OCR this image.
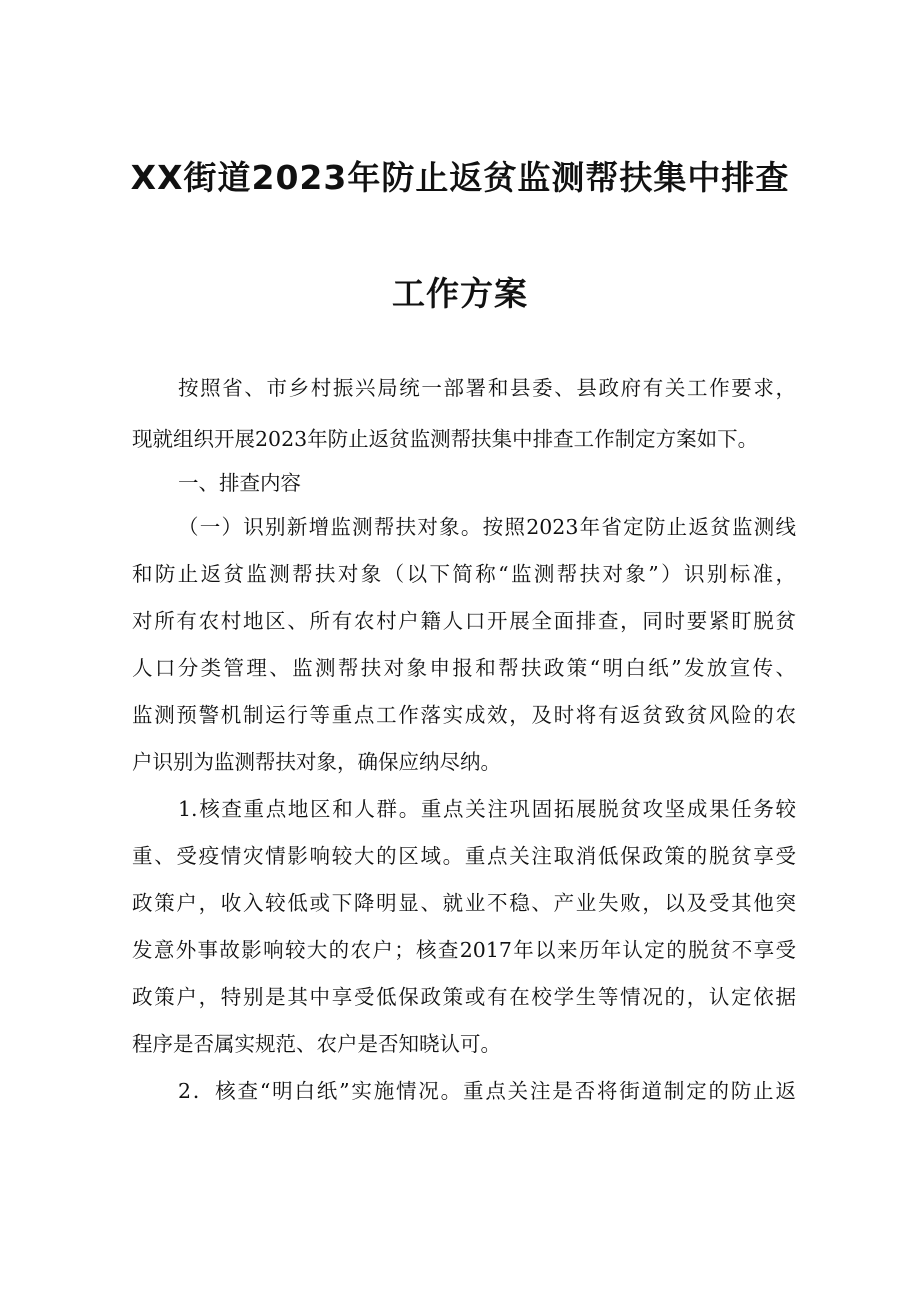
XX街道2023年防止返贫监测帮扶集中排查
工作方案

按照省、市乡村振兴局统一部署和县委、县政府有关工作要求，

现就组织开展2023年防止返贫监测帮扶集中排查工作制定方案如下。

一、排查内容

（一）识别新增监测帮扶对象。按照2023年省定防止返贫监测线

和防止返贫监测帮扶对象（以下简称“监测帮扶对象”）识别标准，

对所有农村地区、所有农村户籍人口开展全面排查，同时要紧盯脱贫

人口分类管理、监测帮扶对象申报和帮扶政策“明白纸”发放宣传、

监测预警机制运行等重点工作落实成效，及时将有返贫致贫风险的农

户识别为监测帮扶对象，确保应纳尽纳。

1.核查重点地区和人群。重点关注巩固拓展脱贫攻坚成果任务较

重、受疫情灾情影响较大的区域。重点关注取消低保政策的脱贫享受

政策户，收入较低或下降明显、就业不稳、产业失败，以及受其他突

发意外事故影响较大的农户；核查2017年以来历年认定的脱贫不享受

政策户，特别是其中享受低保政策或有在校学生等情况的，认定依据

程序是否属实规范、农户是否知晓认可。

2．核查“明白纸”实施情况。重点关注是否将街道制定的防止返
